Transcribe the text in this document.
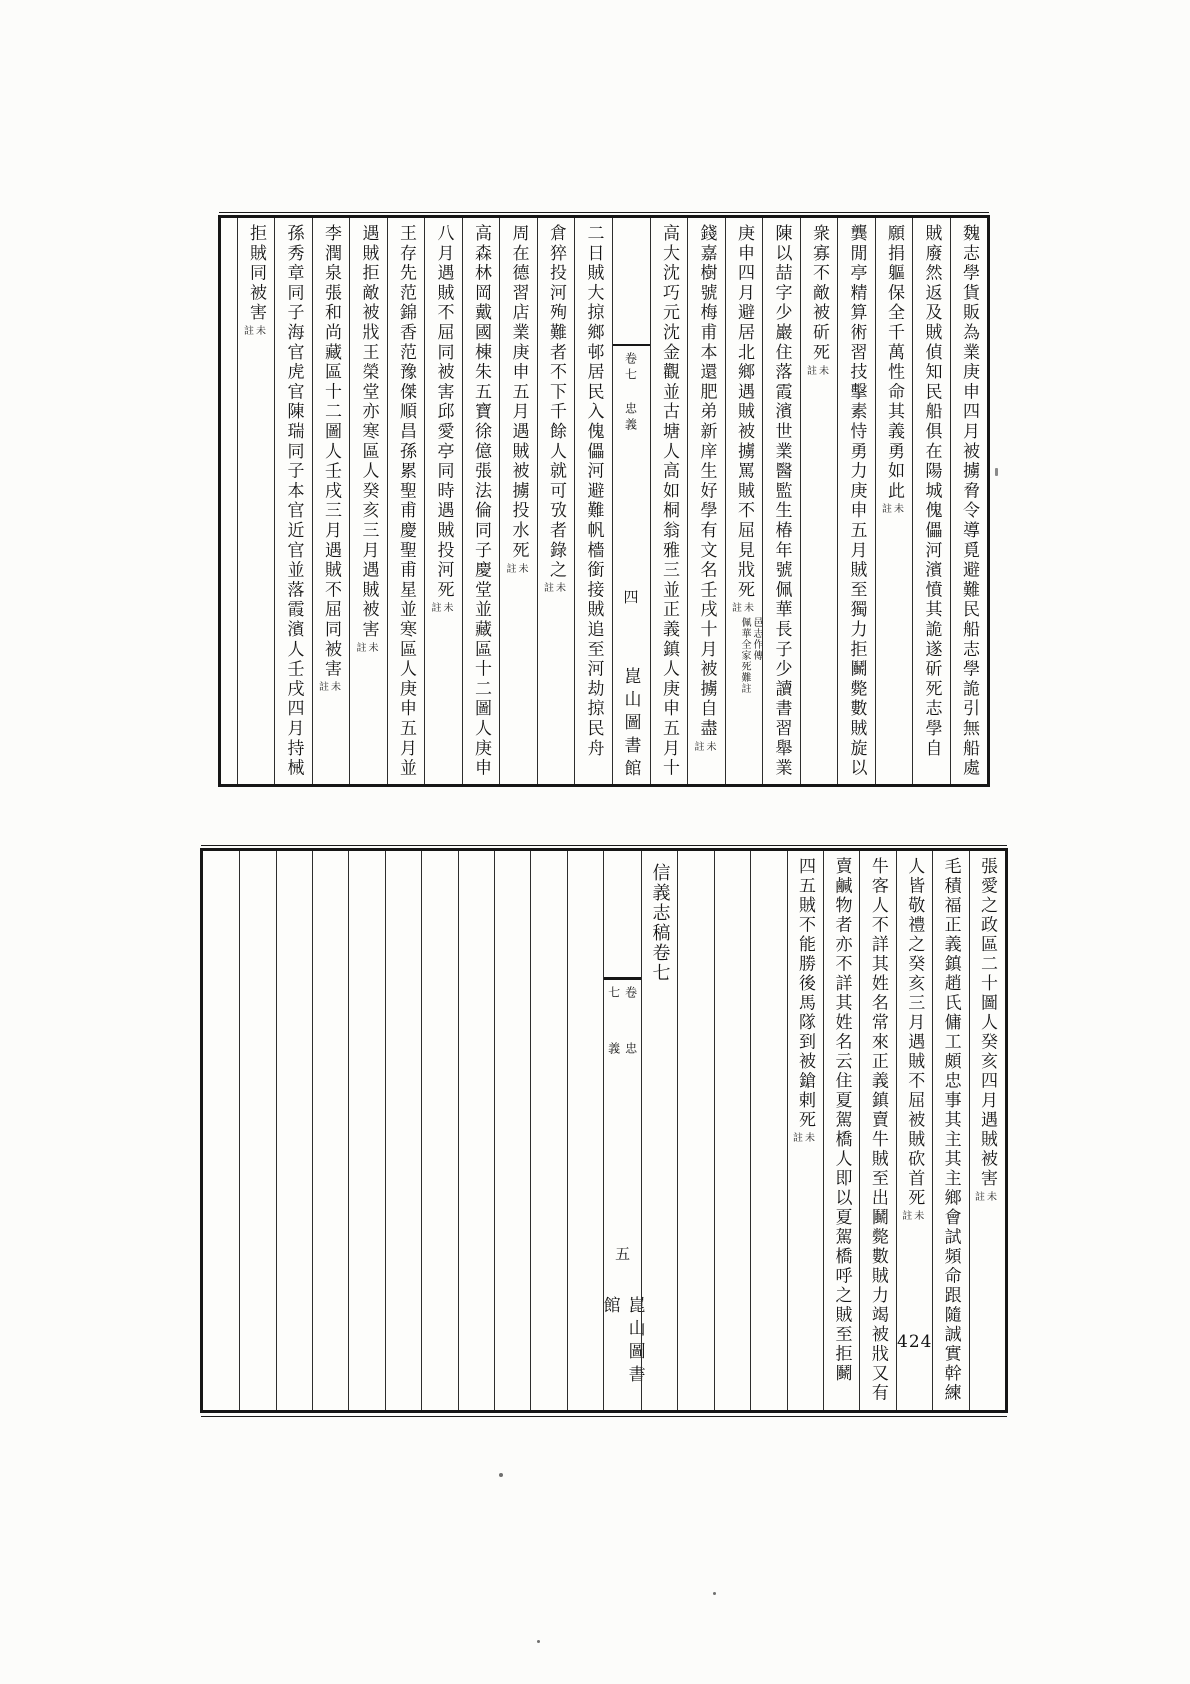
魏志學貨販為業庚申四月被擄脅令導覓避難民船志學詭引無船處
賊廢然返及賊偵知民船俱在陽城傀儡河濱憤其詭遂斫死志學自
願捐軀保全千萬性命其義勇如此註未
龔閒亭精算術習技擊素恃勇力庚申五月賊至獨力拒鬭斃數賊旋以
衆寡不敵被斫死註未
陳以喆字少巖住落霞濱世業醫監生椿年號佩華長子少讀書習舉業
庚申四月避居北鄉遇賊被擄罵賊不屈見戕死註未
邑志作傳
佩華全家死難註
錢嘉樹號梅甫本還肥弟新庠生好學有文名壬戌十月被擄自盡註未
高大沈巧元沈金觀並古塘人高如桐翁雅三並正義鎮人庚申五月十
卷七
忠義
四
崑山圖書館
二日賊大掠鄉邨居民入傀儡河避難帆檣銜接賊追至河劫掠民舟
倉猝投河殉難者不下千餘人就可攷者錄之註未
周在德習店業庚申五月遇賊被擄投水死註未
高森林岡戴國棟朱五寶徐億張法倫同子慶堂並藏區十二圖人庚申
八月遇賊不屈同被害邱愛亭同時遇賊投河死註未
王存先范錦香范豫傑順昌孫累聖甫慶聖甫星並寒區人庚申五月並
遇賊拒敵被戕王榮堂亦寒區人癸亥三月遇賊被害註未
李潤泉張和尚藏區十二圖人壬戌三月遇賊不屈同被害註未
孫秀章同子海官虎官陳瑞同子本官近官並落霞濱人壬戌四月持械
拒賊同被害註未
張愛之政區二十圖人癸亥四月遇賊被害註未
毛積福正義鎮趙氏傭工頗忠事其主其主鄉會試頻命跟隨誠實幹練
人皆敬禮之癸亥三月遇賊不屈被賊砍首死註未
牛客人不詳其姓名常來正義鎮賣牛賊至出鬭斃數賊力竭被戕又有
賣鹹物者亦不詳其姓名云住夏駕橋人即以夏駕橋呼之賊至拒鬭
四五賊不能勝後馬隊到被鎗剌死註未
信義志稿卷七
卷七
忠義
五
崑山圖書館
424
